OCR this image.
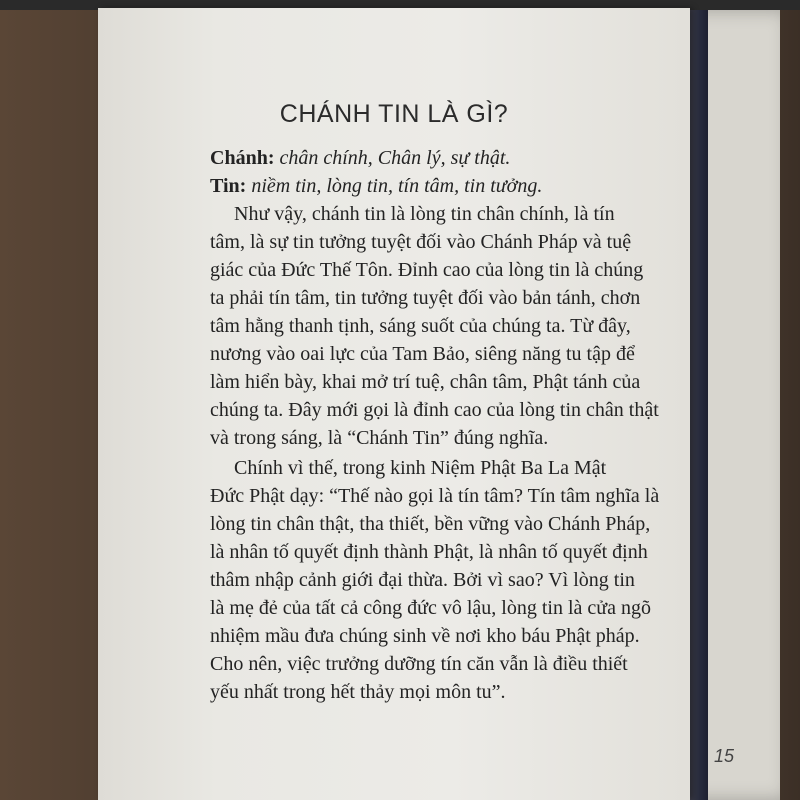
CHÁNH TIN LÀ GÌ?

Chánh: chân chính, Chân lý, sự thật.

Tin: niềm tin, lòng tin, tín tâm, tin tưởng.

Như vậy, chánh tin là lòng tin chân chính, là tín

tâm, là sự tin tưởng tuyệt đối vào Chánh Pháp và tuệ

giác của Đức Thế Tôn. Đỉnh cao của lòng tin là chúng

ta phải tín tâm, tin tưởng tuyệt đối vào bản tánh, chơn

tâm hằng thanh tịnh, sáng suốt của chúng ta. Từ đây,

nương vào oai lực của Tam Bảo, siêng năng tu tập để

làm hiển bày, khai mở trí tuệ, chân tâm, Phật tánh của

chúng ta. Đây mới gọi là đỉnh cao của lòng tin chân thật

và trong sáng, là “Chánh Tin” đúng nghĩa.

Chính vì thế, trong kinh Niệm Phật Ba La Mật

Đức Phật dạy: “Thế nào gọi là tín tâm? Tín tâm nghĩa là

lòng tin chân thật, tha thiết, bền vững vào Chánh Pháp,

là nhân tố quyết định thành Phật, là nhân tố quyết định

thâm nhập cảnh giới đại thừa. Bởi vì sao? Vì lòng tin

là mẹ đẻ của tất cả công đức vô lậu, lòng tin là cửa ngõ

nhiệm mầu đưa chúng sinh về nơi kho báu Phật pháp.

Cho nên, việc trưởng dưỡng tín căn vẫn là điều thiết

yếu nhất trong hết thảy mọi môn tu”.

15
